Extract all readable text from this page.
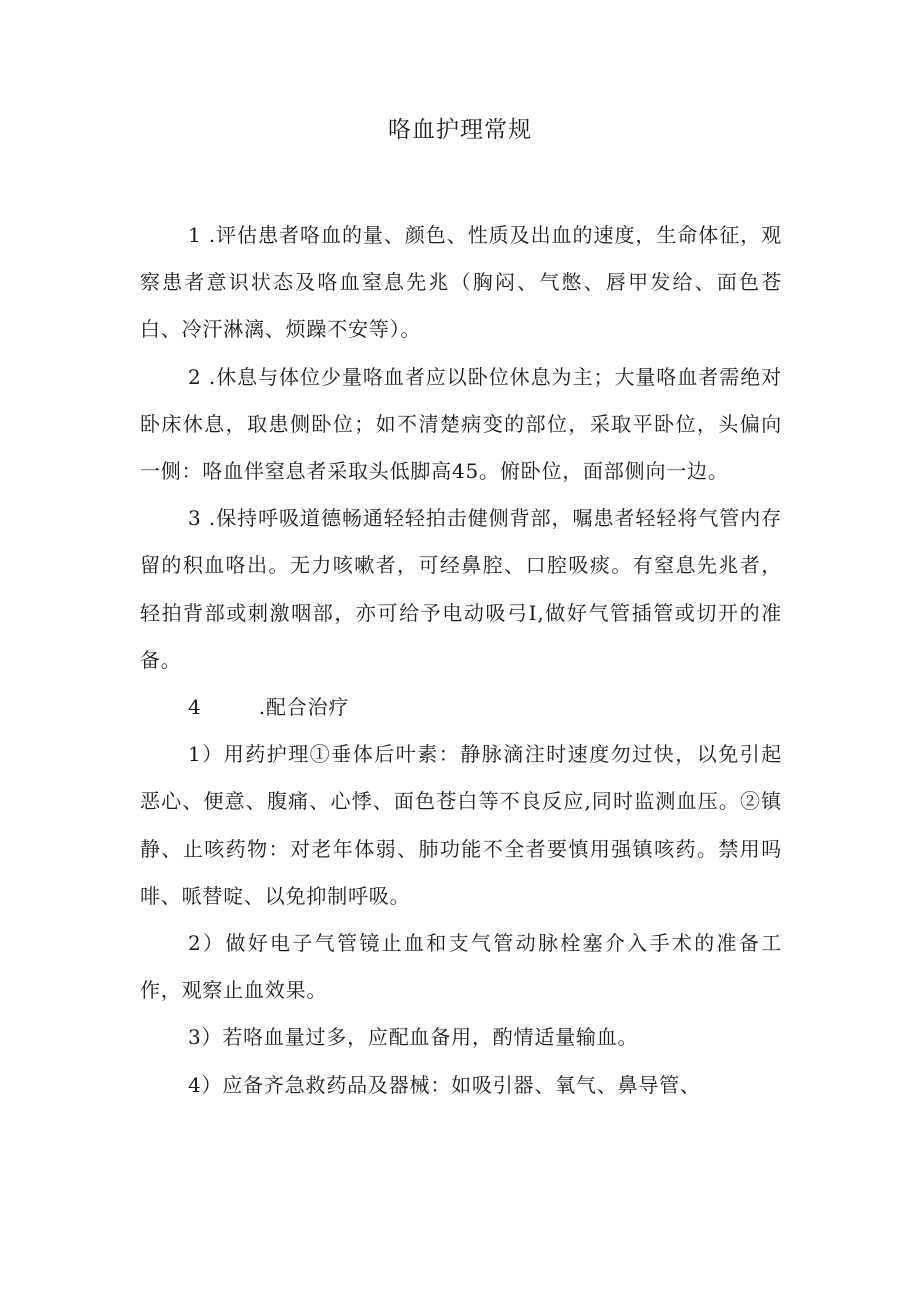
咯血护理常规

1 .评估患者咯血的量、颜色、性质及出血的速度，生命体征，观察患者意识状态及咯血窒息先兆（胸闷、气憋、唇甲发给、面色苍白、冷汗淋漓、烦躁不安等）。

2 .休息与体位少量咯血者应以卧位休息为主；大量咯血者需绝对卧床休息，取患侧卧位；如不清楚病变的部位，采取平卧位，头偏向一侧：咯血伴窒息者采取头低脚高45。俯卧位，面部侧向一边。

3 .保持呼吸道德畅通轻轻拍击健侧背部，嘱患者轻轻将气管内存留的积血咯出。无力咳嗽者，可经鼻腔、口腔吸痰。有窒息先兆者，轻拍背部或刺激咽部，亦可给予电动吸弓I,做好气管插管或切开的准备。

4        .配合治疗

1）用药护理①垂体后叶素：静脉滴注时速度勿过快，以免引起恶心、便意、腹痛、心悸、面色苍白等不良反应,同时监测血压。②镇静、止咳药物：对老年体弱、肺功能不全者要慎用强镇咳药。禁用吗啡、哌替啶、以免抑制呼吸。

2）做好电子气管镜止血和支气管动脉栓塞介入手术的准备工作，观察止血效果。

3）若咯血量过多，应配血备用，酌情适量输血。

4）应备齐急救药品及器械：如吸引器、氧气、鼻导管、
